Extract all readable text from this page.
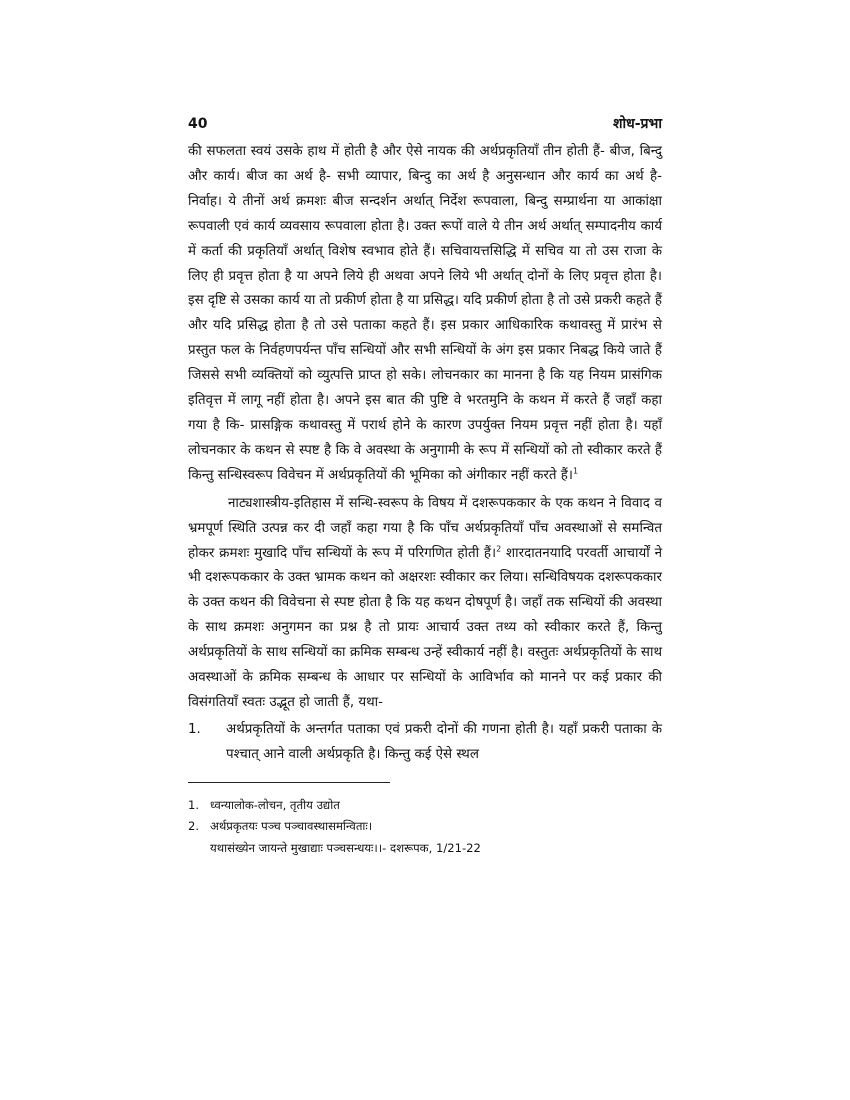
40	शोध-प्रभा

की सफलता स्वयं उसके हाथ में होती है और ऐसे नायक की अर्थप्रकृतियाँ तीन होती हैं- बीज, बिन्दु और कार्य। बीज का अर्थ है- सभी व्यापार, बिन्दु का अर्थ है अनुसन्धान और कार्य का अर्थ है- निर्वाह। ये तीनों अर्थ क्रमशः बीज सन्दर्शन अर्थात् निर्देश रूपवाला, बिन्दु सम्प्रार्थना या आकांक्षा रूपवाली एवं कार्य व्यवसाय रूपवाला होता है। उक्त रूपों वाले ये तीन अर्थ अर्थात् सम्पादनीय कार्य में कर्ता की प्रकृतियाँ अर्थात् विशेष स्वभाव होते हैं। सचिवायत्तसिद्धि में सचिव या तो उस राजा के लिए ही प्रवृत्त होता है या अपने लिये ही अथवा अपने लिये भी अर्थात् दोनों के लिए प्रवृत्त होता है। इस दृष्टि से उसका कार्य या तो प्रकीर्ण होता है या प्रसिद्ध। यदि प्रकीर्ण होता है तो उसे प्रकरी कहते हैं और यदि प्रसिद्ध होता है तो उसे पताका कहते हैं। इस प्रकार आधिकारिक कथावस्तु में प्रारंभ से प्रस्तुत फल के निर्वहणपर्यन्त पाँच सन्धियों और सभी सन्धियों के अंग इस प्रकार निबद्ध किये जाते हैं जिससे सभी व्यक्तियों को व्युत्पत्ति प्राप्त हो सके। लोचनकार का मानना है कि यह नियम प्रासंगिक इतिवृत्त में लागू नहीं होता है। अपने इस बात की पुष्टि वे भरतमुनि के कथन में करते हैं जहाँ कहा गया है कि- प्रासङ्गिक कथावस्तु में परार्थ होने के कारण उपर्युक्त नियम प्रवृत्त नहीं होता है। यहाँ लोचनकार के कथन से स्पष्ट है कि वे अवस्था के अनुगामी के रूप में सन्धियों को तो स्वीकार करते हैं किन्तु सन्धिस्वरूप विवेचन में अर्थप्रकृतियों की भूमिका को अंगीकार नहीं करते हैं।$^1$

नाट्यशास्त्रीय-इतिहास में सन्धि-स्वरूप के विषय में दशरूपककार के एक कथन ने विवाद व भ्रमपूर्ण स्थिति उत्पन्न कर दी जहाँ कहा गया है कि पाँच अर्थप्रकृतियाँ पाँच अवस्थाओं से समन्वित होकर क्रमशः मुखादि पाँच सन्धियों के रूप में परिगणित होती हैं।$^2$ शारदातनयादि परवर्ती आचार्यों ने भी दशरूपककार के उक्त भ्रामक कथन को अक्षरशः स्वीकार कर लिया। सन्धिविषयक दशरूपककार के उक्त कथन की विवेचना से स्पष्ट होता है कि यह कथन दोषपूर्ण है। जहाँ तक सन्धियों की अवस्था के साथ क्रमशः अनुगमन का प्रश्न है तो प्रायः आचार्य उक्त तथ्य को स्वीकार करते हैं, किन्तु अर्थप्रकृतियों के साथ सन्धियों का क्रमिक सम्बन्ध उन्हें स्वीकार्य नहीं है। वस्तुतः अर्थप्रकृतियों के साथ अवस्थाओं के क्रमिक सम्बन्ध के आधार पर सन्धियों के आविर्भाव को मानने पर कई प्रकार की विसंगतियाँ स्वतः उद्भूत हो जाती हैं, यथा-

1.	अर्थप्रकृतियों के अन्तर्गत पताका एवं प्रकरी दोनों की गणना होती है। यहाँ प्रकरी पताका के पश्चात् आने वाली अर्थप्रकृति है। किन्तु कई ऐसे स्थल
1. ध्वन्यालोक-लोचन, तृतीय उद्योत
2. अर्थप्रकृतयः पञ्च पञ्चावस्थासमन्विताः।
यथासंख्येन जायन्ते मुखाद्याः पञ्चसन्धयः।।- दशरूपक, 1/21-22
